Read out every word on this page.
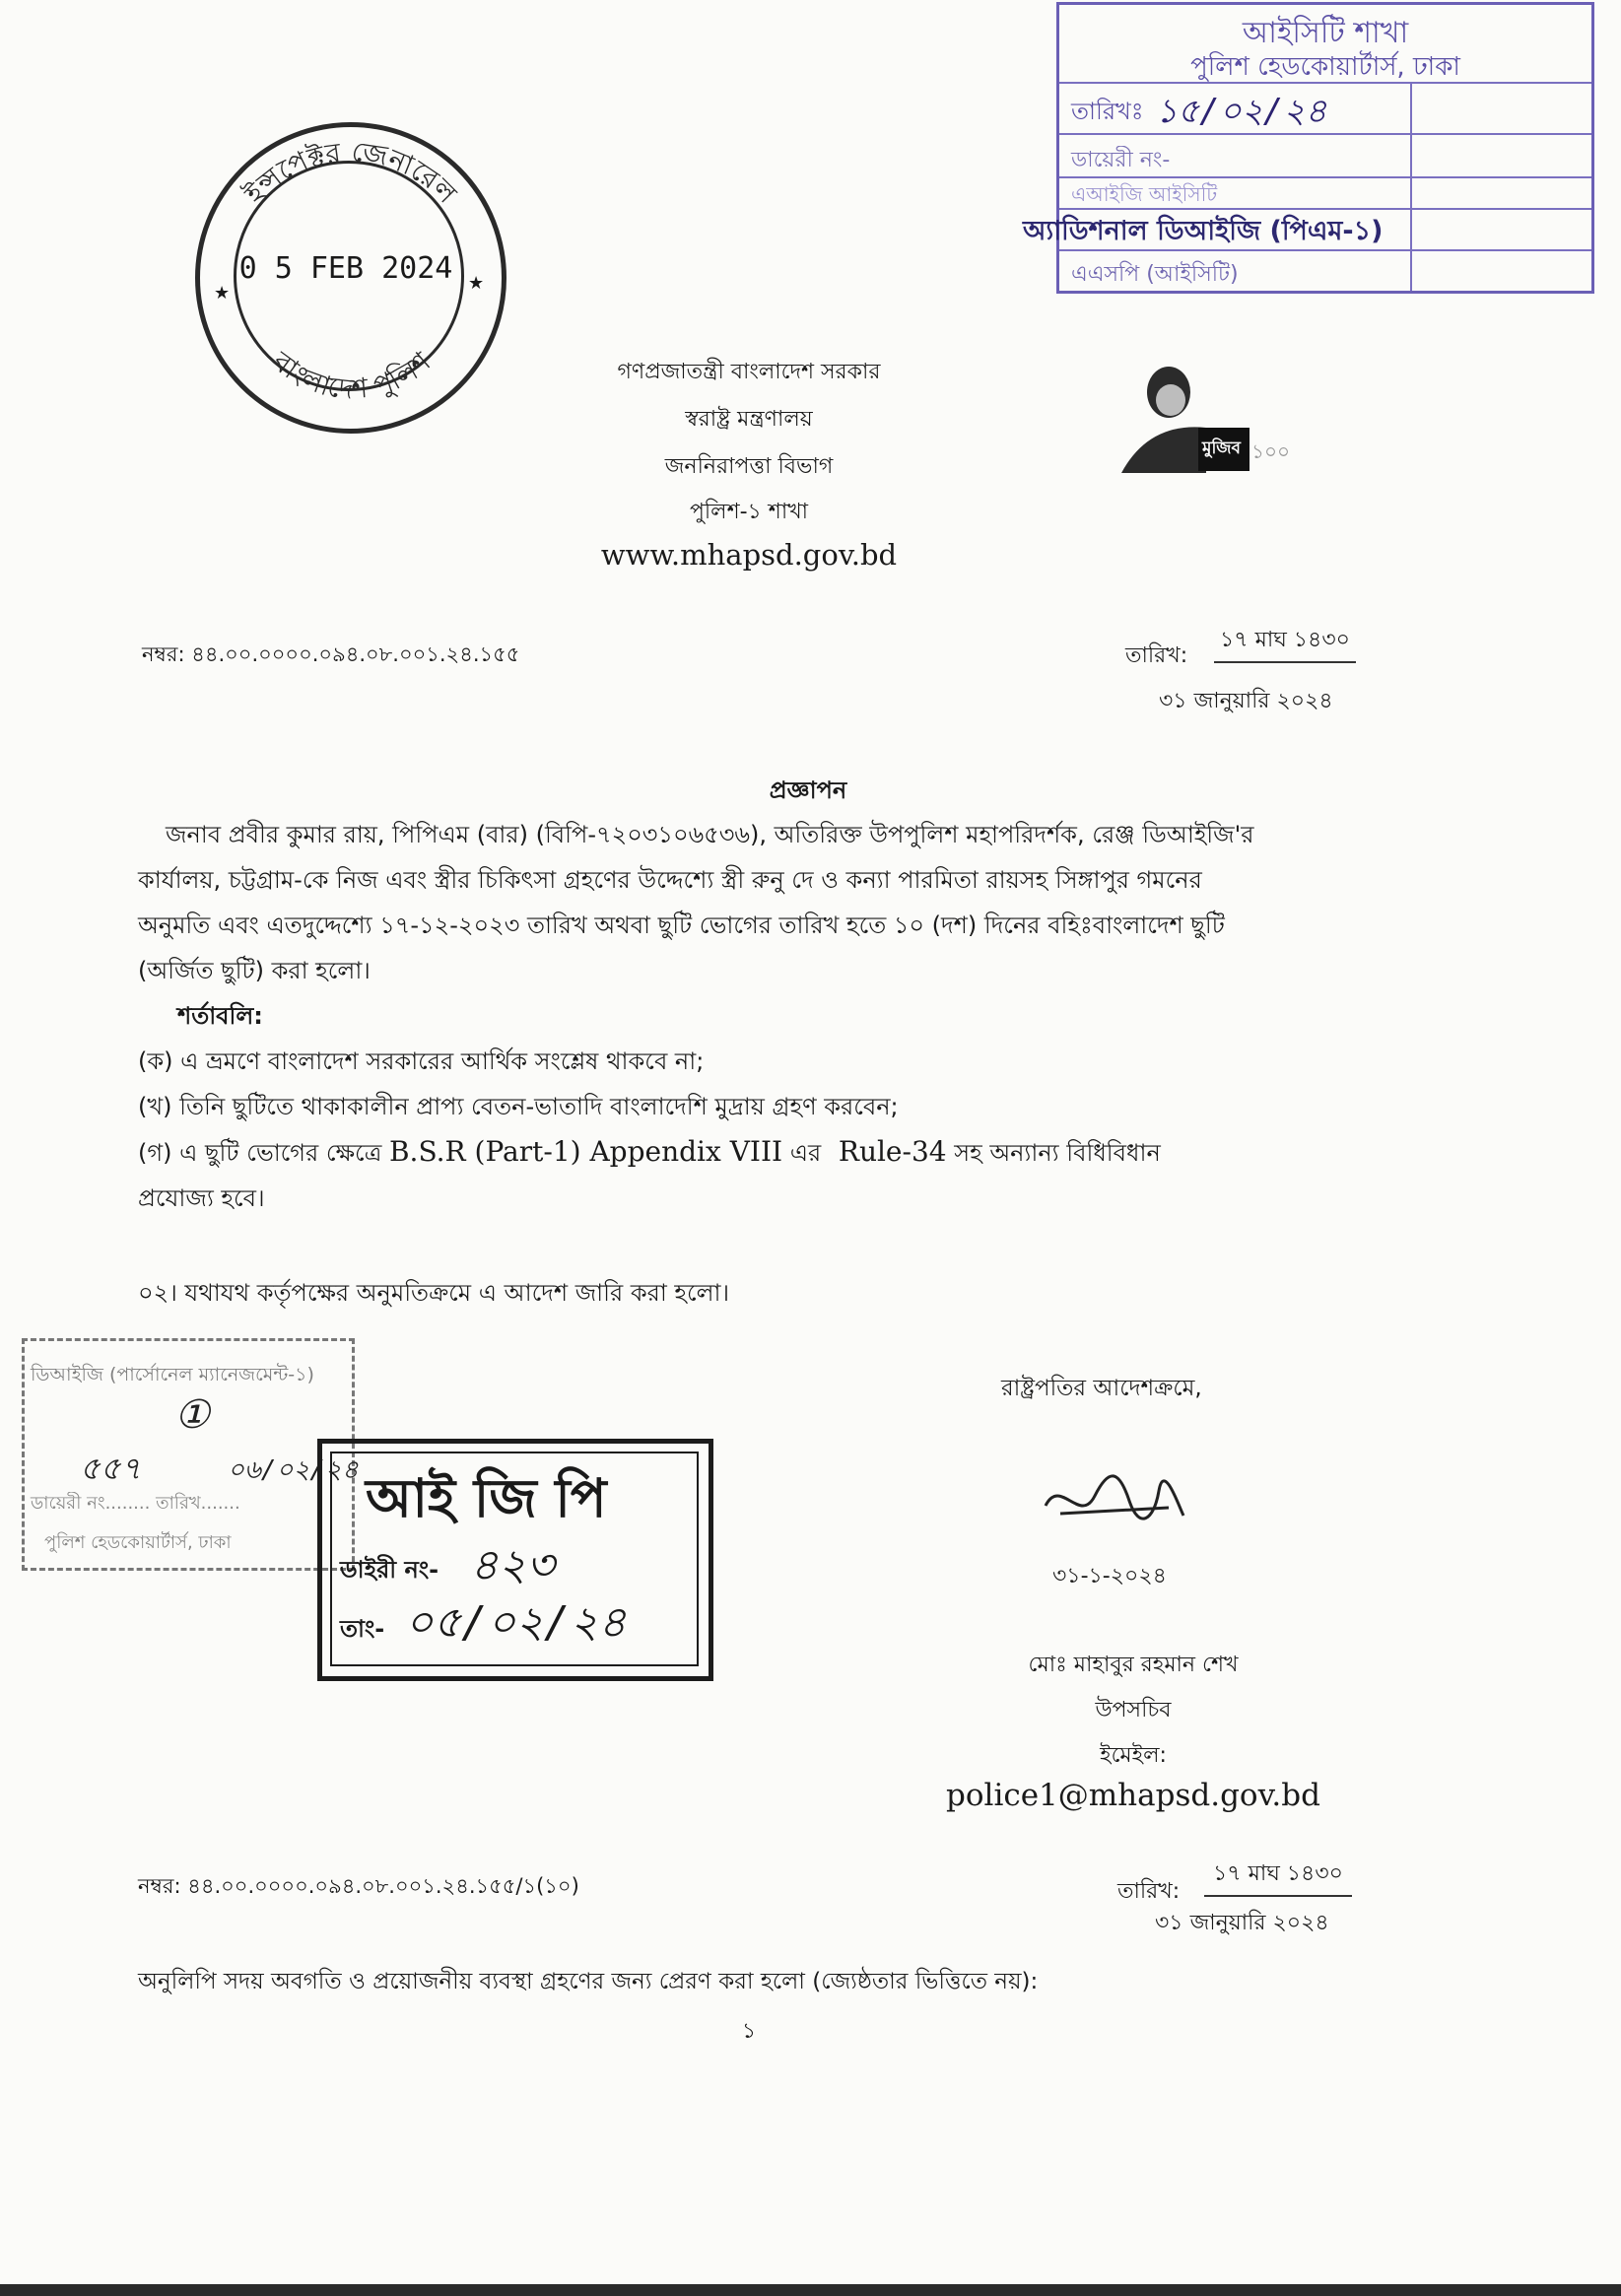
আইসিটি শাখা
পুলিশ হেডকোয়ার্টার্স, ঢাকা
তারিখঃ ১৫/০২/২৪
ডায়েরী নং-
এআইজি আইসিটি
এএসপি (আইসিটি)
অ্যাডিশনাল ডিআইজি (পিএম-১)
ইন্সপেক্টর জেনারেল
বাংলাদেশ পুলিশ
0 5 FEB 2024
★	★
গণপ্রজাতন্ত্রী বাংলাদেশ সরকার
স্বরাষ্ট্র মন্ত্রণালয়
জননিরাপত্তা বিভাগ
পুলিশ-১ শাখা
www.mhapsd.gov.bd
মুজিব ১০০
নম্বর: ৪৪.০০.০০০০.০৯৪.০৮.০০১.২৪.১৫৫	তারিখ:
১৭ মাঘ ১৪৩০
৩১ জানুয়ারি ২০২৪
প্রজ্ঞাপন
জনাব প্রবীর কুমার রায়, পিপিএম (বার) (বিপি-৭২০৩১০৬৫৩৬), অতিরিক্ত উপপুলিশ মহাপরিদর্শক, রেঞ্জ ডিআইজি'র
কার্যালয়, চট্টগ্রাম-কে নিজ এবং স্ত্রীর চিকিৎসা গ্রহণের উদ্দেশ্যে স্ত্রী রুনু দে ও কন্যা পারমিতা রায়সহ সিঙ্গাপুর গমনের
অনুমতি এবং এতদুদ্দেশ্যে ১৭-১২-২০২৩ তারিখ অথবা ছুটি ভোগের তারিখ হতে ১০ (দশ) দিনের বহিঃবাংলাদেশ ছুটি
(অর্জিত ছুটি) করা হলো।
শর্তাবলি:
(ক) এ ভ্রমণে বাংলাদেশ সরকারের আর্থিক সংশ্লেষ থাকবে না;
(খ) তিনি ছুটিতে থাকাকালীন প্রাপ্য বেতন-ভাতাদি বাংলাদেশি মুদ্রায় গ্রহণ করবেন;
(গ) এ ছুটি ভোগের ক্ষেত্রে B.S.R (Part-1) Appendix VIII এর Rule-34 সহ অন্যান্য বিধিবিধান
প্রযোজ্য হবে।
০২। যথাযথ কর্তৃপক্ষের অনুমতিক্রমে এ আদেশ জারি করা হলো।
রাষ্ট্রপতির আদেশক্রমে,
৩১-১-২০২৪
মোঃ মাহাবুর রহমান শেখ
উপসচিব
ইমেইল:
police1@mhapsd.gov.bd
নম্বর: ৪৪.০০.০০০০.০৯৪.০৮.০০১.২৪.১৫৫/১(১০)	তারিখ:
১৭ মাঘ ১৪৩০
৩১ জানুয়ারি ২০২৪
অনুলিপি সদয় অবগতি ও প্রয়োজনীয় ব্যবস্থা গ্রহণের জন্য প্রেরণ করা হলো (জ্যেষ্ঠতার ভিত্তিতে নয়):
১
ডিআইজি (পার্সোনেল ম্যানেজমেন্ট-১)
①
৫৫৭	০৬/০২/২৪
ডায়েরী নং........ তারিখ.......
পুলিশ হেডকোয়ার্টার্স, ঢাকা
আই জি পি
ডাইরী নং- ৪২৩
তাং- ০৫/০২/২৪
